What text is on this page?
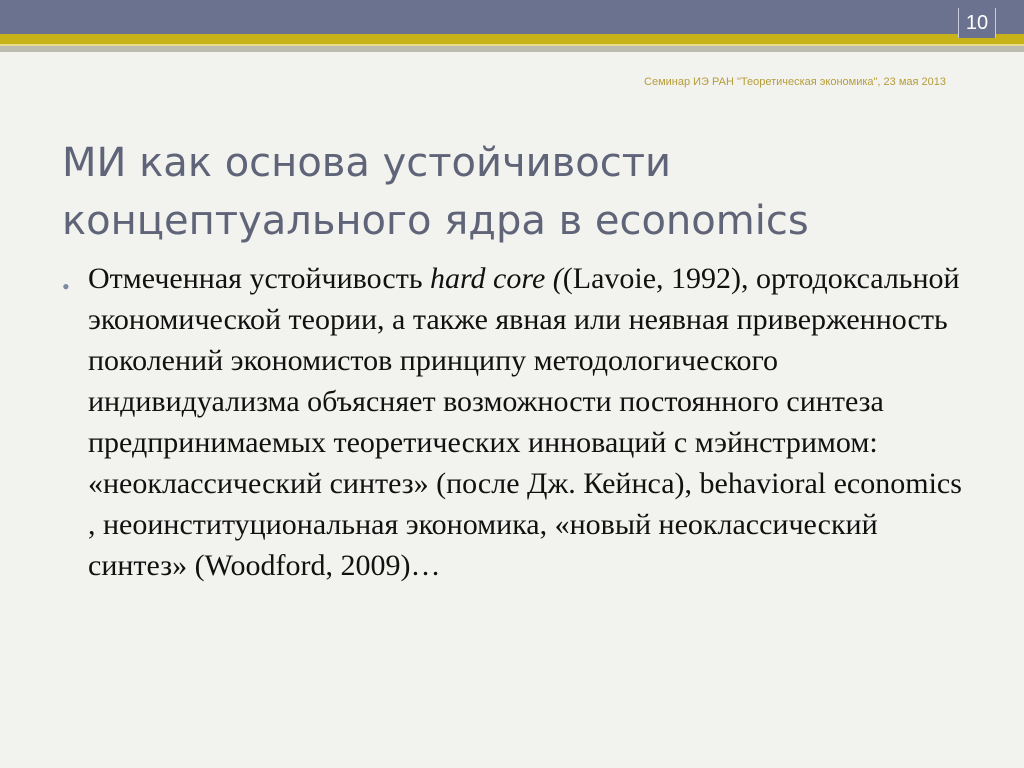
10
Семинар ИЭ РАН "Теоретическая экономика", 23 мая 2013
МИ как основа устойчивости концептуального ядра в economics
• Отмеченная устойчивость hard core ((Lavoie, 1992), ортодоксальной экономической теории, а также явная или неявная приверженность поколений экономистов принципу методологического индивидуализма объясняет возможности постоянного синтеза предпринимаемых теоретических инноваций с мэйнстримом: «неоклассический синтез» (после Дж. Кейнса), behavioral economics , неоинституциональная экономика, «новый неоклассический синтез» (Woodford, 2009)…
